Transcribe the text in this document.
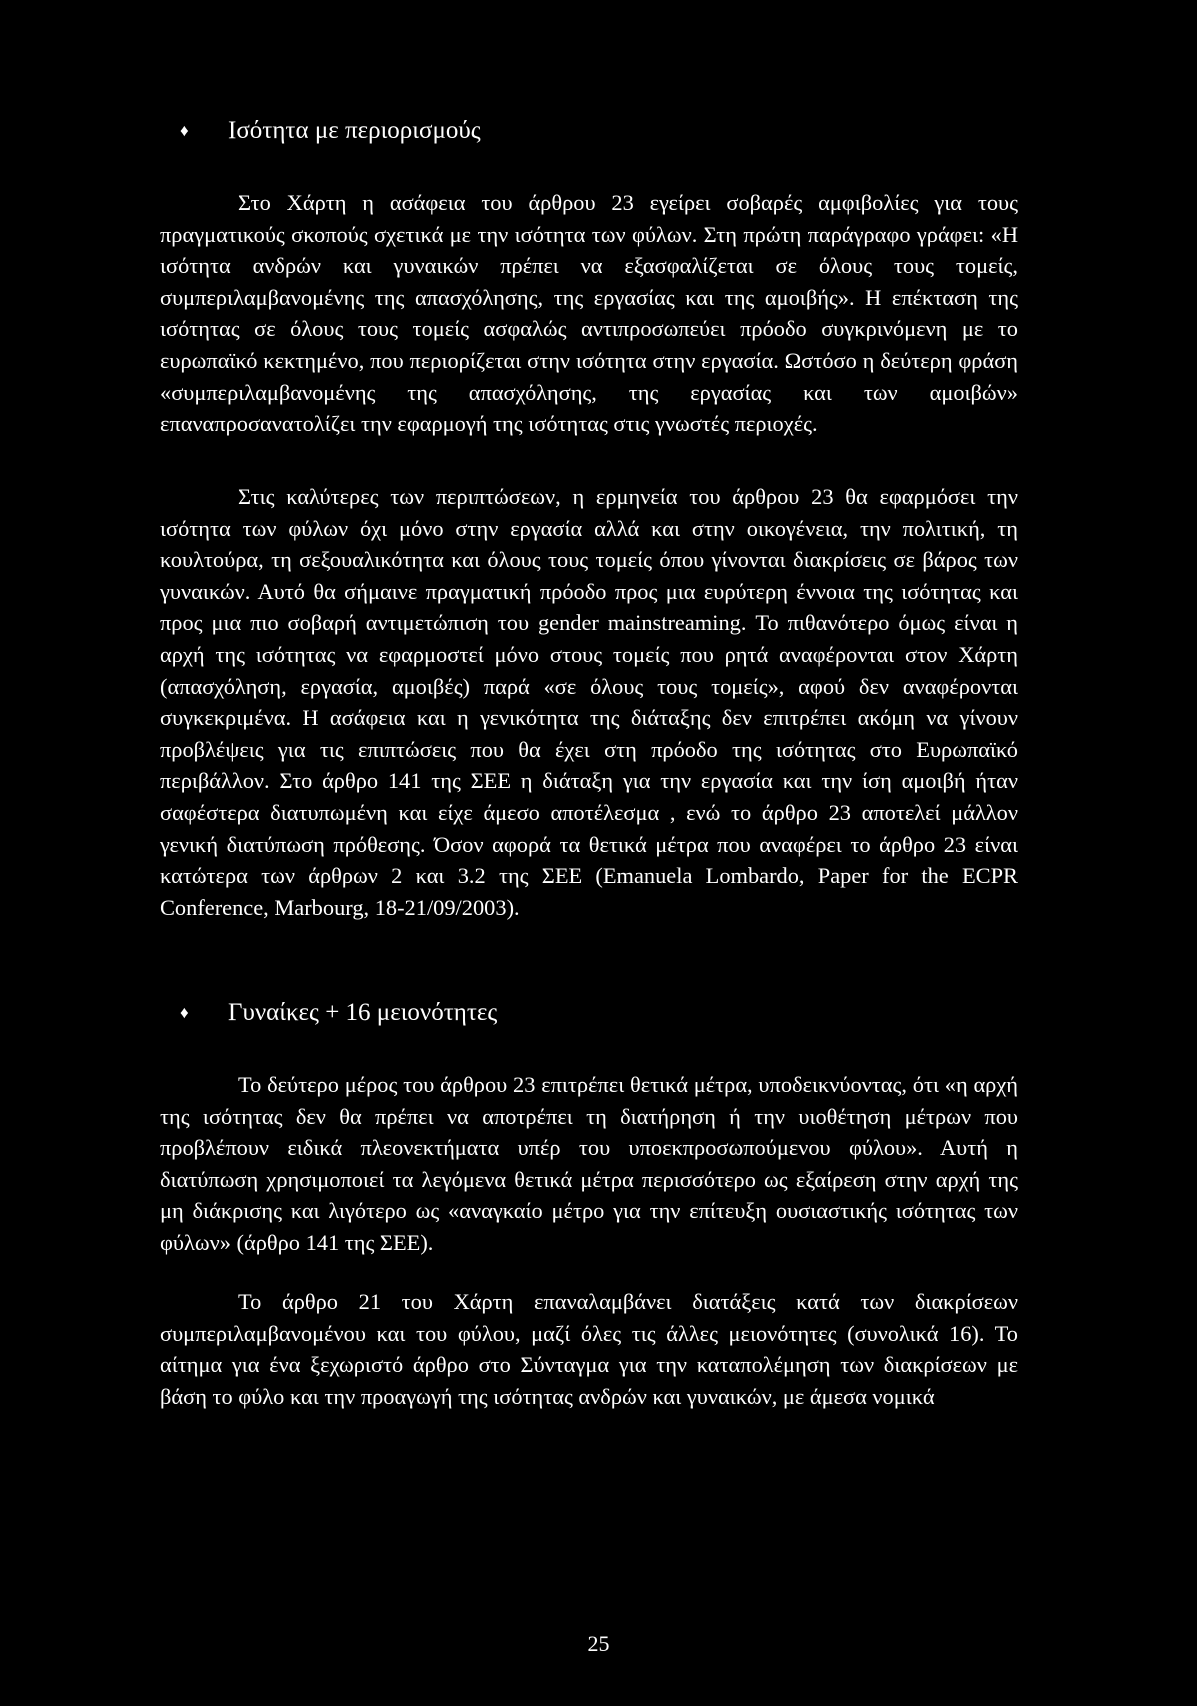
♦ Ισότητα με περιορισμούς

Στο Χάρτη η ασάφεια του άρθρου 23 εγείρει σοβαρές αμφιβολίες για τους πραγματικούς σκοπούς σχετικά με την ισότητα των φύλων. Στη πρώτη παράγραφο γράφει: «Η ισότητα ανδρών και γυναικών πρέπει να εξασφαλίζεται σε όλους τους τομείς, συμπεριλαμβανομένης της απασχόλησης, της εργασίας και της αμοιβής». Η επέκταση της ισότητας σε όλους τους τομείς ασφαλώς αντιπροσωπεύει πρόοδο συγκρινόμενη με το ευρωπαϊκό κεκτημένο, που περιορίζεται στην ισότητα στην εργασία. Ωστόσο η δεύτερη φράση «συμπεριλαμβανομένης της απασχόλησης, της εργασίας και των αμοιβών» επαναπροσανατολίζει την εφαρμογή της ισότητας στις γνωστές περιοχές.

Στις καλύτερες των περιπτώσεων, η ερμηνεία του άρθρου 23 θα εφαρμόσει την ισότητα των φύλων όχι μόνο στην εργασία αλλά και στην οικογένεια, την πολιτική, τη κουλτούρα, τη σεξουαλικότητα και όλους τους τομείς όπου γίνονται διακρίσεις σε βάρος των γυναικών. Αυτό θα σήμαινε πραγματική πρόοδο προς μια ευρύτερη έννοια της ισότητας και προς μια πιο σοβαρή αντιμετώπιση του gender mainstreaming. Το πιθανότερο όμως είναι η αρχή της ισότητας να εφαρμοστεί μόνο στους τομείς που ρητά αναφέρονται στον Χάρτη (απασχόληση, εργασία, αμοιβές) παρά «σε όλους τους τομείς», αφού δεν αναφέρονται συγκεκριμένα. Η ασάφεια και η γενικότητα της διάταξης δεν επιτρέπει ακόμη να γίνουν προβλέψεις για τις επιπτώσεις που θα έχει στη πρόοδο της ισότητας στο Ευρωπαϊκό περιβάλλον. Στο άρθρο 141 της ΣΕΕ η διάταξη για την εργασία και την ίση αμοιβή ήταν σαφέστερα διατυπωμένη και είχε άμεσο αποτέλεσμα , ενώ το άρθρο 23 αποτελεί μάλλον γενική διατύπωση πρόθεσης. Όσον αφορά τα θετικά μέτρα που αναφέρει το άρθρο 23 είναι κατώτερα των άρθρων 2 και 3.2 της ΣΕΕ (Emanuela Lombardo, Paper for the ECPR Conference, Marbourg, 18-21/09/2003).

♦ Γυναίκες + 16 μειονότητες

Το δεύτερο μέρος του άρθρου 23 επιτρέπει θετικά μέτρα, υποδεικνύοντας, ότι «η αρχή της ισότητας δεν θα πρέπει να αποτρέπει τη διατήρηση ή την υιοθέτηση μέτρων που προβλέπουν ειδικά πλεονεκτήματα υπέρ του υποεκπροσωπούμενου φύλου». Αυτή η διατύπωση χρησιμοποιεί τα λεγόμενα θετικά μέτρα περισσότερο ως εξαίρεση στην αρχή της μη διάκρισης και λιγότερο ως «αναγκαίο μέτρο για την επίτευξη ουσιαστικής ισότητας των φύλων» (άρθρο 141 της ΣΕΕ).

Το άρθρο 21 του Χάρτη επαναλαμβάνει διατάξεις κατά των διακρίσεων συμπεριλαμβανομένου και του φύλου, μαζί όλες τις άλλες μειονότητες (συνολικά 16). Το αίτημα για ένα ξεχωριστό άρθρο στο Σύνταγμα για την καταπολέμηση των διακρίσεων με βάση το φύλο και την προαγωγή της ισότητας ανδρών και γυναικών, με άμεσα νομικά

25
